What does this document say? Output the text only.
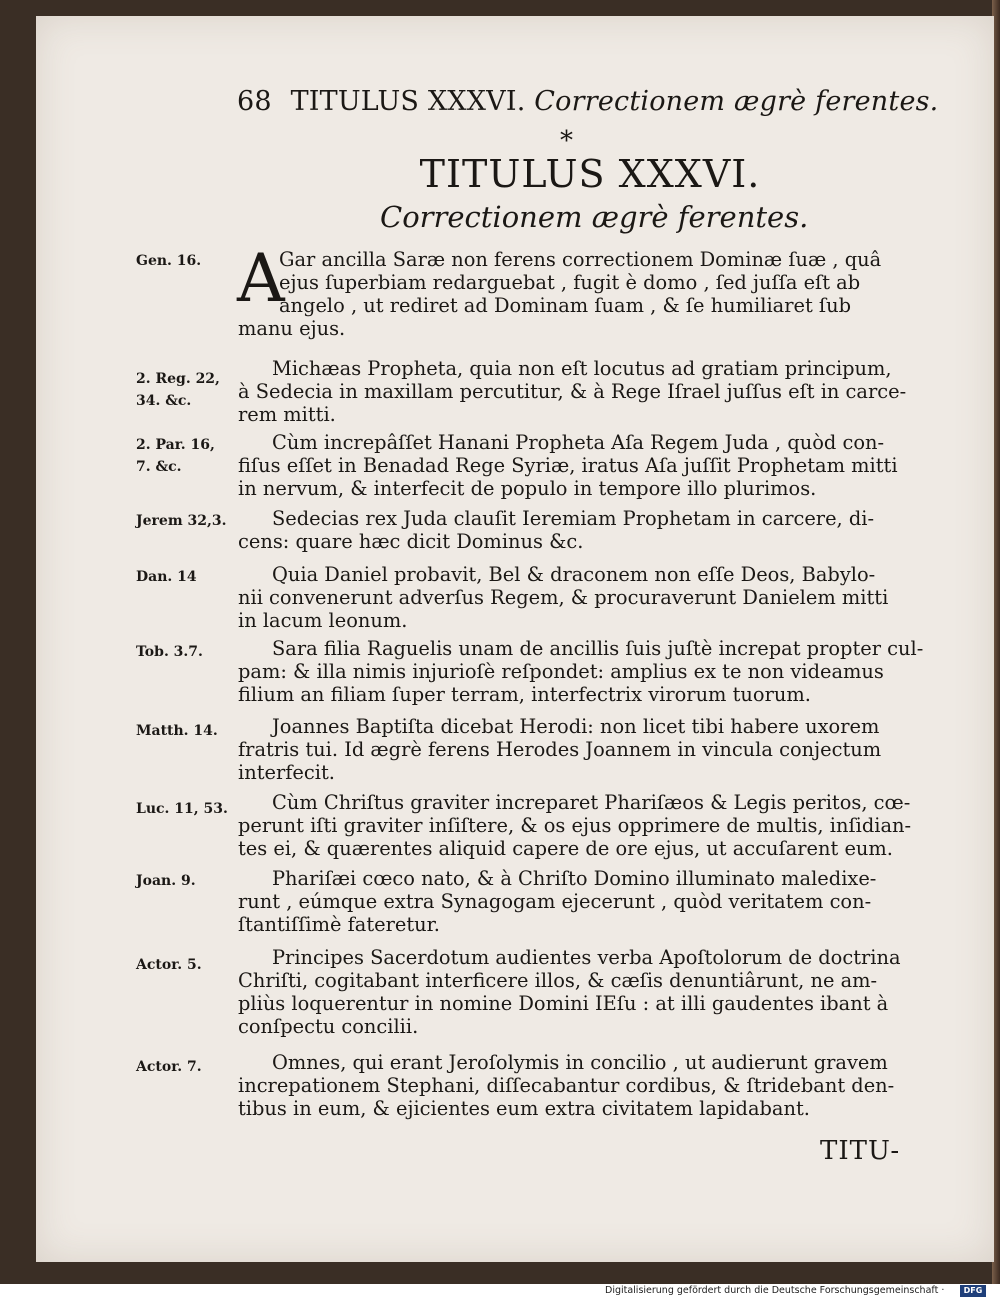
68 TITULUS XXXVI. Correctionem ægrè ferentes.
*
TITULUS XXXVI.
Correctionem ægrè ferentes.
A
Gen. 16.	Gar ancilla Saræ non ferens correctionem Dominæ ſuæ , quâ
ejus ſuperbiam redarguebat , fugit è domo , ſed juſſa eſt ab
angelo , ut rediret ad Dominam ſuam , & ſe humiliaret ſub
manu ejus.
2. Reg. 22,
34. &c.
Michæas Propheta, quia non eſt locutus ad gratiam principum,
à Sedecia in maxillam percutitur, & à Rege Iſrael juſſus eſt in carce-
rem mitti.
2. Par. 16,
7. &c.
Cùm increpâſſet Hanani Propheta Aſa Regem Juda , quòd con-
fiſus eſſet in Benadad Rege Syriæ, iratus Aſa juſſit Prophetam mitti
in nervum, & interfecit de populo in tempore illo plurimos.
Jerem 32,3.	Sedecias rex Juda clauſit Ieremiam Prophetam in carcere, di-
cens: quare hæc dicit Dominus &c.
Dan. 14	Quia Daniel probavit, Bel & draconem non eſſe Deos, Babylo-
nii convenerunt adverſus Regem, & procuraverunt Danielem mitti
in lacum leonum.
Tob. 3.7.	Sara filia Raguelis unam de ancillis ſuis juſtè increpat propter cul-
pam: & illa nimis injurioſè reſpondet: amplius ex te non videamus
filium an filiam ſuper terram, interfectrix virorum tuorum.
Matth. 14.	Joannes Baptiſta dicebat Herodi: non licet tibi habere uxorem
fratris tui. Id ægrè ferens Herodes Joannem in vincula conjectum
interfecit.
Luc. 11, 53.	Cùm Chriſtus graviter increparet Phariſæos & Legis peritos, cœ-
perunt iſti graviter inſiſtere, & os ejus opprimere de multis, inſidian-
tes ei, & quærentes aliquid capere de ore ejus, ut accuſarent eum.
Joan. 9.	Phariſæi cœco nato, & à Chriſto Domino illuminato maledixe-
runt , eúmque extra Synagogam ejecerunt , quòd veritatem con-
ſtantiſſimè fateretur.
Actor. 5.	Principes Sacerdotum audientes verba Apoſtolorum de doctrina
Chriſti, cogitabant interficere illos, & cæſis denuntiârunt, ne am-
pliùs loquerentur in nomine Domini IEſu : at illi gaudentes ibant à
conſpectu concilii.
Actor. 7.	Omnes, qui erant Jeroſolymis in concilio , ut audierunt gravem
increpationem Stephani, diſſecabantur cordibus, & ſtridebant den-
tibus in eum, & ejicientes eum extra civitatem lapidabant.
TITU-
Digitalisierung gefördert durch die Deutsche Forschungsgemeinschaft ·	DFG
